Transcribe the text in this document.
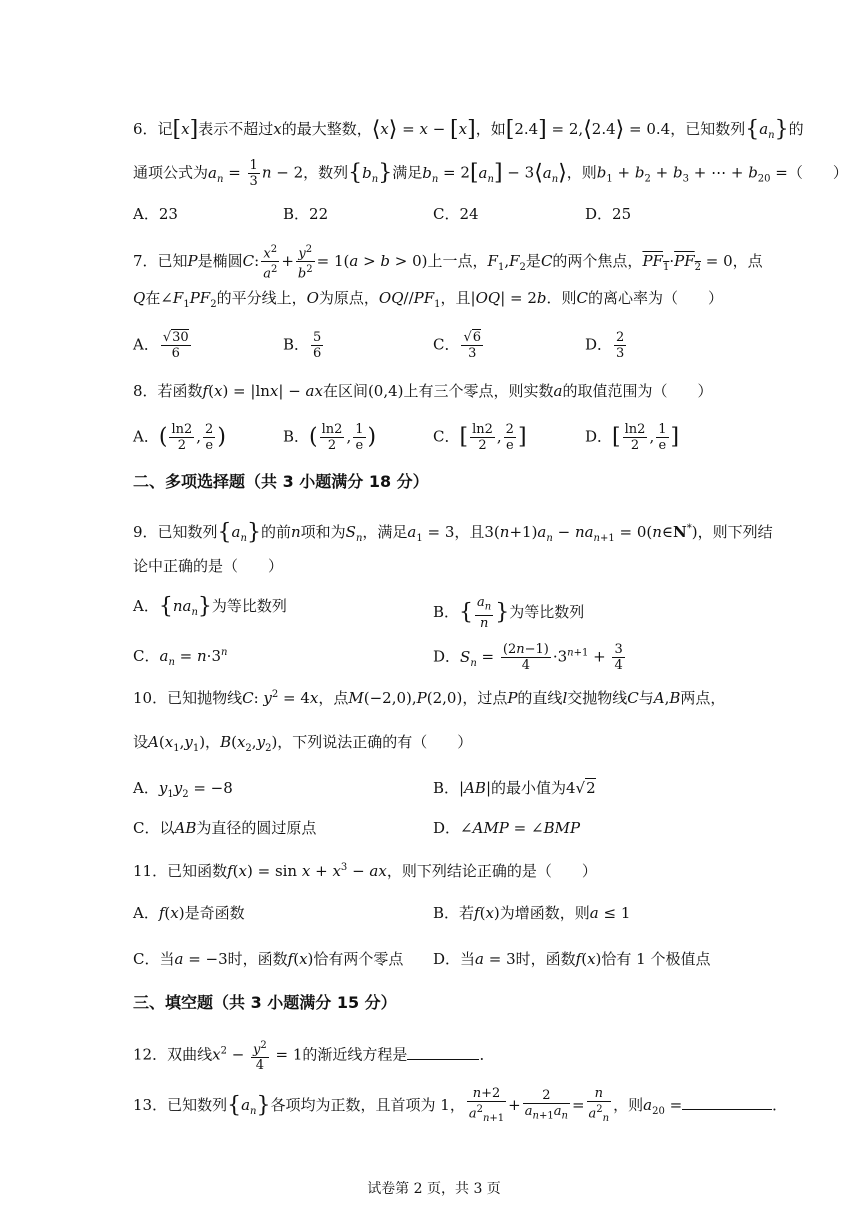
6．记[x]表示不超过x的最大整数，⟨x⟩ = x − [x]，如[2.4] = 2,⟨2.4⟩ = 0.4，已知数列$\{a_n\}$的
通项公式为$a_n = \frac{1}{3}$ n − 2，数列$\{b_n\}$满足$b_n = 2[a_n]$ − $3⟨a_n⟩$，则$b_1 + b_2 + b_3$ + ⋯ + $b_{20}$ =（　　）
A．23	B．22	C．24	D．25
7．已知P是椭圆C: $\frac{x^2}{a^2} + \frac{y^2}{b^2} = 1(a > b > 0)$上一点，$F_1,F_2$是C的两个焦点，$PF_1\cdot PF_2 = 0$，点
Q在$\angle F_1PF_2$的平分线上，O为原点，$OQ//PF_1$，且|OQ| = 2b．则C的离心率为（　　）
A． $\frac{√30}{6}$	B． $\frac{5}{6}$	C． $\frac{√6}{3}$	D． $\frac{2}{3}$
8．若函数f(x) = |lnx| − ax在区间(0,4)上有三个零点，则实数a的取值范围为（　　）
A．( $\frac{\ln 2}{2}$ , $\frac{2}{e}$ )	B．( $\frac{\ln 2}{2}$ , $\frac{1}{e}$ )	C．[ $\frac{\ln 2}{2}$ , $\frac{2}{e}$ ]	D．[ $\frac{\ln 2}{2}$ , $\frac{1}{e}$ ]
二、多项选择题（共 3 小题满分 18 分）
9．已知数列$\{a_n\}$的前n项和为$S_n$，满足$a_1 = 3$，且$3(n+1)a_n - na_{n+1}$ = 0(n∈N*)，则下列结
论中正确的是（　　）
A．$\{na_n\}$为等比数列	B．{ $\frac{a_n}{n}$ }为等比数列
C．$a_n = n\cdot 3^n$	D．$S_n = \frac{(2n-1)}{4} \cdot 3^{n+1} + \frac{3}{4}$
10．已知抛物线C: $y^2 = 4x$，点M(−2,0),P(2,0)，过点P的直线l交抛物线C与A,B两点，
设$A(x_1,y_1)$，$B(x_2,y_2)$，下列说法正确的有（　　）
A．$y_1y_2 = -8$	B．|AB|的最小值为4√2
C．以AB为直径的圆过原点	D．∠AMP = ∠BMP
11．已知函数$f(x) = \sin x + x^3$ − ax，则下列结论正确的是（　　）
A．f(x)是奇函数	B．若f(x)为增函数，则a ≤ 1
C．当a = −3时，函数f(x)恰有两个零点 D．当a = 3时，函数f(x)恰有 1 个极值点
三、填空题（共 3 小题满分 15 分）
12．双曲线$x^2 - \frac{y^2}{4} = 1$的渐近线方程是	．
13．已知数列$\{a_n\}$各项均为正数，且首项为 1， $\frac{n+2}{a^2_{n+1}} + \frac{2}{a_{n+1}a_n} = \frac{n}{a^2_n}$ ，则$a_{20}$ =	．
试卷第 2 页，共 3 页
